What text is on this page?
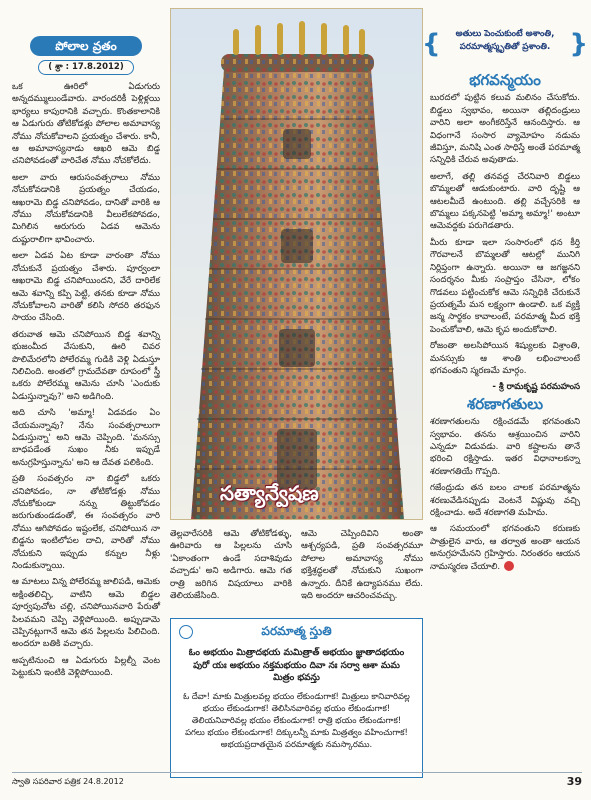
పోలాల వ్రతం
( శ్రా : 17.8.2012)

ఒక ఊరిలో ఏడుగురు అన్నదమ్ములుండేవారు. వారందరికీ పెళ్లిళ్లయి భార్యలు కాపురానికి వచ్చారు. కొంతకాలానికి ఆ ఏడుగురు తోటికోడళ్లు పోలాల అమావాస్య నోము నోచుకోవాలని ప్రయత్నం చేశారు. కానీ, ఆ అమావాస్యనాడు ఆఖరి ఆమె బిడ్డ చనిపోవడంతో వారిచేత నోము నోచకోలేదు.

అలా వారు ఆరుసంవత్సరాలు నోము నోచుకోవడానికి ప్రయత్నం చేయడం, ఆఖరామె బిడ్డ చనిపోవడం, దానితో వారికి ఆ నోము నోచుకోవడానికి వీలులేకపోవడం, మిగిలిన ఆరుగురు ఏడవ ఆమెను దుష్టురాలిగా భావించారు.

అలా ఏడవ ఏట కూడా వారంతా నోము నోచుకునే ప్రయత్నం చేశారు. పూర్వంలా ఆఖరామె బిడ్డ చనిపోయిందని, వేరే దారిలేక ఆమె శవాన్ని కప్పి పెట్టి, తనకు కూడా నోము నోచుకోవాలని వారితో కలిసి సోదరి తరఫున సాయం చేసింది.

తరువాత ఆమె చనిపోయిన బిడ్డ శవాన్ని భుజంమీద వేసుకుని, ఊరి చివర పొలిమేరలోని పోలేరమ్మ గుడికి వెళ్లి ఏడుస్తూ నిలిచింది. అంతలో గ్రామదేవతా రూపంలో స్త్రీ ఒకరు పోలేరమ్మ ఆమెను చూసి 'ఎందుకు ఏడుస్తున్నావు?' అని అడిగింది.

అది చూసి 'అమ్మా! ఏడవడం ఏం చేయమన్నావు? నేను సంవత్సరాలుగా ఏడుస్తున్నా' అని ఆమె చెప్పింది. 'మనస్సు బాధపడేంత సుఖం నీకు ఇప్పుడే అనుగ్రహిస్తున్నాను' అని ఆ దేవత పలికింది.

ప్రతి సంవత్సరం నా బిడ్డలో ఒకరు చనిపోవడం, నా తోటికోడళ్లు నోము నోచుకోకుండా నన్ను తిట్టుకోవడం జరుగుతుండడంతో, ఈ సంవత్సరం వారి నోము ఆగిపోవడం ఇష్టంలేక, చనిపోయిన నా బిడ్డను ఇంటిలోపల దాచి, వారితో నోము నోచుకుని ఇప్పుడు కన్నుల నీళ్లు నిండుకున్నాయి.

ఆ మాటలు విన్న పోలేరమ్మ జాలిపడి, ఆమెకు అక్షింతలిచ్చి, వాటిని ఆమె బిడ్డల పూర్వపుచోట చల్లి, చనిపోయినవారి పేరుతో పిలవమని చెప్పి వెళ్లిపోయింది. అప్పుడామె చెప్పినట్లుగానే ఆమె తన పిల్లలను పిలిచింది. అందరూ బతికి వచ్చారు.

అప్పటినుంచి ఆ ఏడుగురు పిల్లల్నీ వెంట పెట్టుకుని ఇంటికి వెళ్లిపోయింది.

సత్యాన్వేషణ
తెల్లవారేసరికి ఆమె తోటికోడళ్ళు, ఊరివారు ఆ పిల్లలను చూసి 'ఏకాంతంగా ఉండే సదాశివుడు వచ్చాడు' అని అడిగారు. ఆమె గత రాత్రి జరిగిన విషయాలు వారికి తెలియజేసింది.
ఆమె చెప్పిందివిని అంతా ఆశ్చర్యపడి, ప్రతి సంవత్సరమూ పోలాల అమావాస్య నోము భక్తిశ్రద్ధలతో నోచుకుని సుఖంగా ఉన్నారు. దీనికే ఉద్యాపనము లేదు. ఇది అందరూ ఆచరించవచ్చు.
పరమాత్మ స్తుతి
ఓం అభయం మిత్రాదభయ మమిత్రాత్ అభయం జ్ఞాతాదభయం పురో యః అభయం నక్తమభయం దివా నః సర్వా ఆశా మమ మిత్రం భవన్తు
ఓ దేవా! మాకు మిత్రులవల్ల భయం లేకుండుగాక! మిత్రులు కానివారివల్ల భయం లేకుండుగాక! తెలిసినవారివల్ల భయం లేకుండుగాక! తెలియనివారివల్ల భయం లేకుండుగాక! రాత్రి భయం లేకుండుగాక! పగలు భయం లేకుండుగాక! దిక్కులన్నీ మాకు మిత్రత్వం వహించుగాక! అభయప్రదాతయైన పరమాత్మకు నమస్కారము.
{ అతులు పెంచుకుంటే అశాంతి, పరమాత్మస్మృతితో ప్రశాంతి. }
భగవన్మయం

బురదలో పుట్టిన కలువ మలినం చేసుకోదు. బిడ్డలు స్వభావం, అయినా తల్లిదండ్రులు వారిని అలా అంగీకరిస్తేనే ఆనందిస్తారు. ఆ విధంగానే సంసార వ్యామోహం నడుమ జీవిస్తూ, మనిషి ఎంత సాధిస్తే అంతే పరమాత్మ సన్నిధికి చేరువ అవుతాడు.

అలాగే, తల్లి తనవద్ద చేరనివారి బిడ్డలు బొమ్మలతో ఆడుకుంటారు. వారి దృష్టి ఆ ఆటలమీదే ఉంటుంది. తల్లి వచ్చేసరికి ఆ బొమ్మలు పక్కనపెట్టి 'అమ్మా అమ్మా!' అంటూ ఆమెవద్దకు పరుగెడతారు.

మీరు కూడా ఇలా సంసారంలో ధన కీర్తి గౌరవాలనే బొమ్మలతో ఆటల్లో మునిగి నిర్లిప్తంగా ఉన్నారు. అయినా ఆ జగజ్జనని సందర్శనం మీకు సంప్రాప్తం చేసినా, లోకం గొడవలు పట్టించుకోక ఆమె సన్నిధికి చేరుకునే ప్రయత్నమే మన లక్ష్యంగా ఉండాలి. ఒక వ్యక్తి జన్మ సార్థకం కావాలంటే, పరమాత్మ మీద భక్తి పెంచుకోవాలి, ఆమె కృప అందుకోవాలి.

రోజంతా అలసిపోయిన శిష్యులకు విశ్రాంతి, మనస్సుకు ఆ శాంతి లభించాలంటే భగవంతుని స్మరణమే మార్గం.

- శ్రీ రామకృష్ణ పరమహంస
శరణాగతులు

శరణాగతులను రక్షించడమే భగవంతుని స్వభావం. తనను ఆశ్రయించిన వారిని ఎన్నడూ విడువడు. వారి కష్టాలను తానే భరించి రక్షిస్తాడు. ఇతర విధానాలకన్నా శరణాగతియే గొప్పది.

గజేంద్రుడు తన బలం చాలక పరమాత్మను శరణువేడినప్పుడు వెంటనే విష్ణువు వచ్చి రక్షించాడు. అదే శరణాగతి మహిమ.

ఆ సమయంలో భగవంతుని కరుణకు పాత్రులైన వారు, ఆ తర్వాత అంతా ఆయన అనుగ్రహమేనని గ్రహిస్తారు. నిరంతరం ఆయన నామస్మరణ చేయాలి.

స్వాతి సపరివార పత్రిక 24.8.2012	39
